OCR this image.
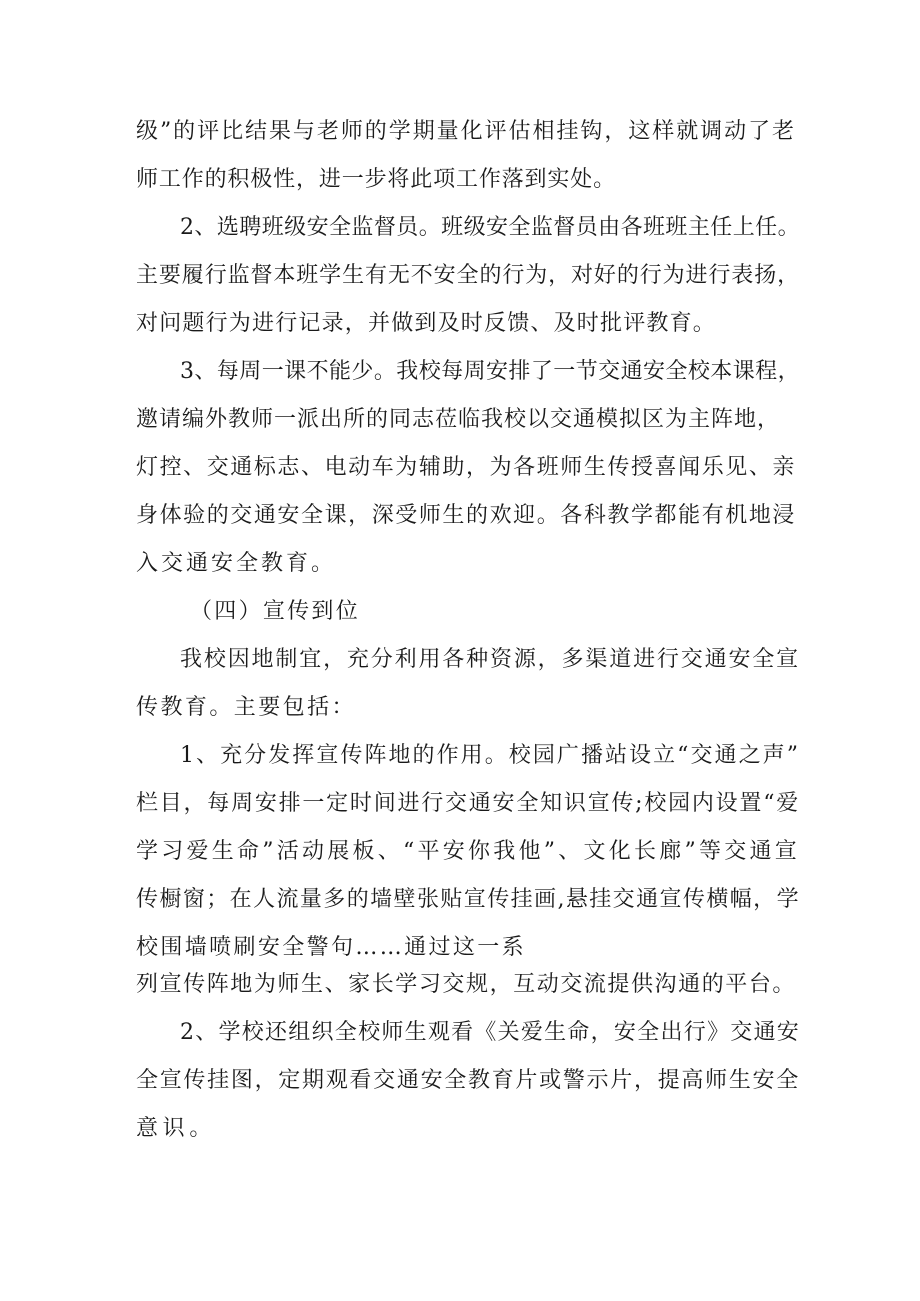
级”的评比结果与老师的学期量化评估相挂钩，这样就调动了老
师工作的积极性，进一步将此项工作落到实处。
2、选聘班级安全监督员。班级安全监督员由各班班主任上任。
主要履行监督本班学生有无不安全的行为，对好的行为进行表扬，
对问题行为进行记录，并做到及时反馈、及时批评教育。
3、每周一课不能少。我校每周安排了一节交通安全校本课程，
邀请编外教师一派出所的同志莅临我校以交通模拟区为主阵地，
灯控、交通标志、电动车为辅助，为各班师生传授喜闻乐见、亲
身体验的交通安全课，深受师生的欢迎。各科教学都能有机地浸
入交通安全教育。
（四）宣传到位
我校因地制宜，充分利用各种资源，多渠道进行交通安全宣
传教育。主要包括：
1、充分发挥宣传阵地的作用。校园广播站设立“交通之声”
栏目，每周安排一定时间进行交通安全知识宣传;校园内设置“爱
学习爱生命”活动展板、“平安你我他”、文化长廊”等交通宣
传橱窗；在人流量多的墙壁张贴宣传挂画,悬挂交通宣传横幅，学
校围墙喷刷安全警句……通过这一系
列宣传阵地为师生、家长学习交规，互动交流提供沟通的平台。
2、学校还组织全校师生观看《关爱生命，安全出行》交通安
全宣传挂图，定期观看交通安全教育片或警示片，提高师生安全
意识。
